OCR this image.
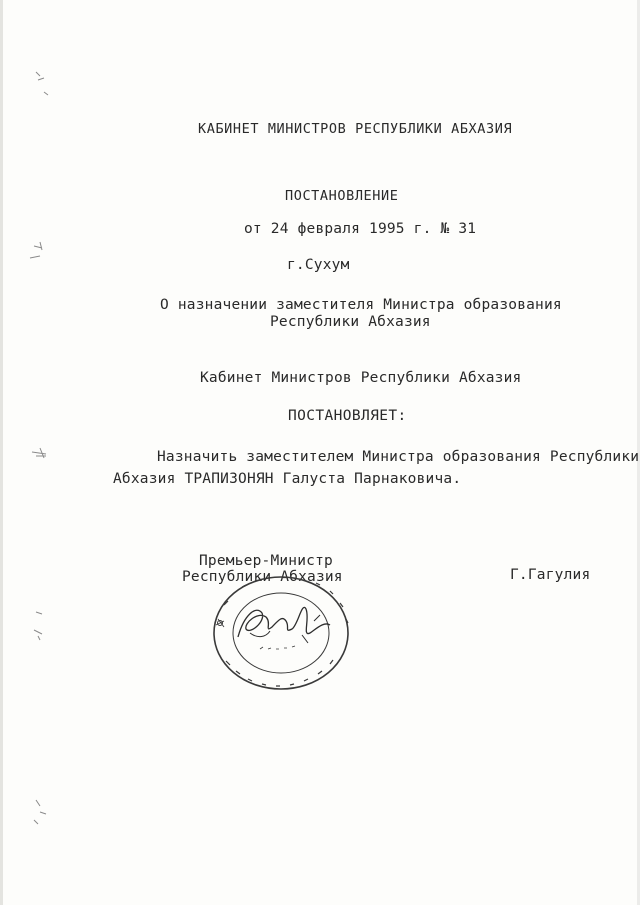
КАБИНЕТ МИНИСТРОВ РЕСПУБЛИКИ АБХАЗИЯ
ПОСТАНОВЛЕНИЕ
от 24 февраля 1995 г. № 31
г.Сухум
О назначении заместителя Министра образования
Республики Абхазия
Кабинет Министров Республики Абхазия
ПОСТАНОВЛЯЕТ:
Назначить заместителем Министра образования Республики
Абхазия ТРАПИЗОНЯН Галуста Парнаковича.
Премьер-Министр
Республики Абхазия	Г.Гагулия
